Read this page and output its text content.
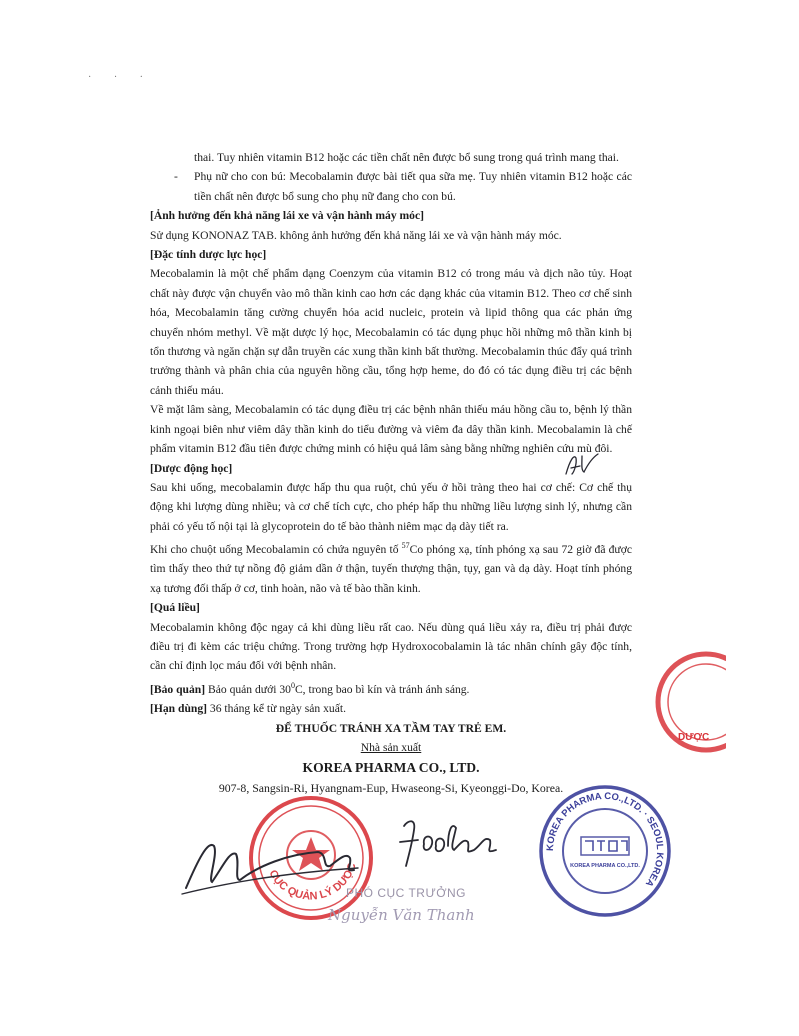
· · ·

thai. Tuy nhiên vitamin B12 hoặc các tiền chất nên được bổ sung trong quá trình mang thai.

- Phụ nữ cho con bú: Mecobalamin được bài tiết qua sữa mẹ. Tuy nhiên vitamin B12 hoặc các tiền chất nên được bổ sung cho phụ nữ đang cho con bú.

[Ảnh hưởng đến khả năng lái xe và vận hành máy móc]

Sử dụng KONONAZ TAB. không ảnh hưởng đến khả năng lái xe và vận hành máy móc.

[Đặc tính dược lực học]

Mecobalamin là một chế phẩm dạng Coenzym của vitamin B12 có trong máu và dịch não tủy. Hoạt chất này được vận chuyển vào mô thần kinh cao hơn các dạng khác của vitamin B12. Theo cơ chế sinh hóa, Mecobalamin tăng cường chuyển hóa acid nucleic, protein và lipid thông qua các phản ứng chuyển nhóm methyl. Về mặt dược lý học, Mecobalamin có tác dụng phục hồi những mô thần kinh bị tổn thương và ngăn chặn sự dẫn truyền các xung thần kinh bất thường. Mecobalamin thúc đẩy quá trình trưởng thành và phân chia của nguyên hồng cầu, tổng hợp heme, do đó có tác dụng điều trị các bệnh cảnh thiếu máu.

Về mặt lâm sàng, Mecobalamin có tác dụng điều trị các bệnh nhân thiếu máu hồng cầu to, bệnh lý thần kinh ngoại biên như viêm dây thần kinh do tiểu đường và viêm đa dây thần kinh. Mecobalamin là chế phẩm vitamin B12 đầu tiên được chứng minh có hiệu quả lâm sàng bằng những nghiên cứu mù đôi.

[Dược động học]

Sau khi uống, mecobalamin được hấp thu qua ruột, chủ yếu ở hồi tràng theo hai cơ chế: Cơ chế thụ động khi lượng dùng nhiều; và cơ chế tích cực, cho phép hấp thu những liều lượng sinh lý, nhưng cần phải có yếu tố nội tại là glycoprotein do tế bào thành niêm mạc dạ dày tiết ra.

Khi cho chuột uống Mecobalamin có chứa nguyên tố $^{57}$Co phóng xạ, tính phóng xạ sau 72 giờ đã được tìm thấy theo thứ tự nồng độ giảm dần ở thận, tuyến thượng thận, tụy, gan và dạ dày. Hoạt tính phóng xạ tương đối thấp ở cơ, tinh hoàn, não và tế bào thần kinh.

[Quá liều]

Mecobalamin không độc ngay cả khi dùng liều rất cao. Nếu dùng quá liều xảy ra, điều trị phải được điều trị đi kèm các triệu chứng. Trong trường hợp Hydroxocobalamin là tác nhân chính gây độc tính, cần chỉ định lọc máu đối với bệnh nhân.

[Bảo quản] Bảo quản dưới $30^0C$, trong bao bì kín và tránh ánh sáng.

[Hạn dùng] 36 tháng kể từ ngày sản xuất.

ĐỂ THUỐC TRÁNH XA TẦM TAY TRẺ EM.

Nhà sản xuất

KOREA PHARMA CO., LTD.

907-8, Sangsin-Ri, Hyangnam-Eup, Hwaseong-Si, Kyeonggi-Do, Korea.

DƯỢC
CỤC QUẢN LÝ DƯỢC
KOREA PHARMA CO.,LTD. · SEOUL KOREA
KOREA PHARMA CO.,LTD.
PHÓ CỤC TRƯỞNG
Nguyễn Văn Thanh
